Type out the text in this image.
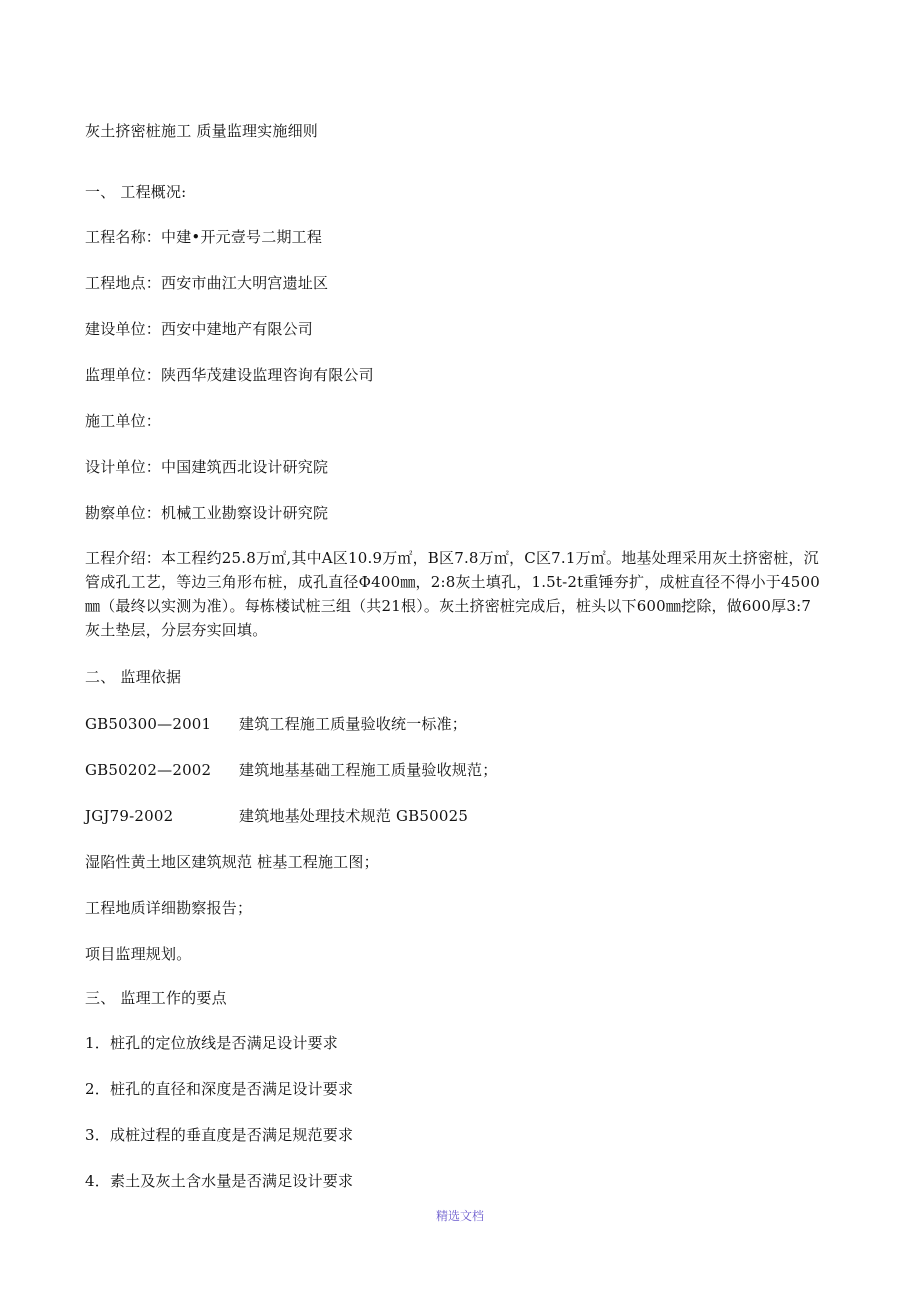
灰土挤密桩施工 质量监理实施细则
一、 工程概况:
工程名称：中建•开元壹号二期工程
工程地点：西安市曲江大明宫遗址区
建设单位：西安中建地产有限公司
监理单位：陕西华茂建设监理咨询有限公司
施工单位：
设计单位：中国建筑西北设计研究院
勘察单位：机械工业勘察设计研究院
工程介绍：本工程约25.8万㎡,其中A区10.9万㎡，B区7.8万㎡，C区7.1万㎡。地基处理采用灰土挤密桩，沉管成孔工艺，等边三角形布桩，成孔直径Φ400㎜，2:8灰土填孔，1.5t-2t重锤夯扩，成桩直径不得小于4500㎜（最终以实测为准）。每栋楼试桩三组（共21根）。灰土挤密桩完成后，桩头以下600㎜挖除，做600厚3:7灰土垫层，分层夯实回填。
二、 监理依据
GB50300—2001 建筑工程施工质量验收统一标准；
GB50202—2002 建筑地基基础工程施工质量验收规范；
JGJ79-2002	建筑地基处理技术规范 GB50025
湿陷性黄土地区建筑规范 桩基工程施工图；
工程地质详细勘察报告；
项目监理规划。
三、 监理工作的要点
1．桩孔的定位放线是否满足设计要求
2．桩孔的直径和深度是否满足设计要求
3．成桩过程的垂直度是否满足规范要求
4．素土及灰土含水量是否满足设计要求
精选文档
